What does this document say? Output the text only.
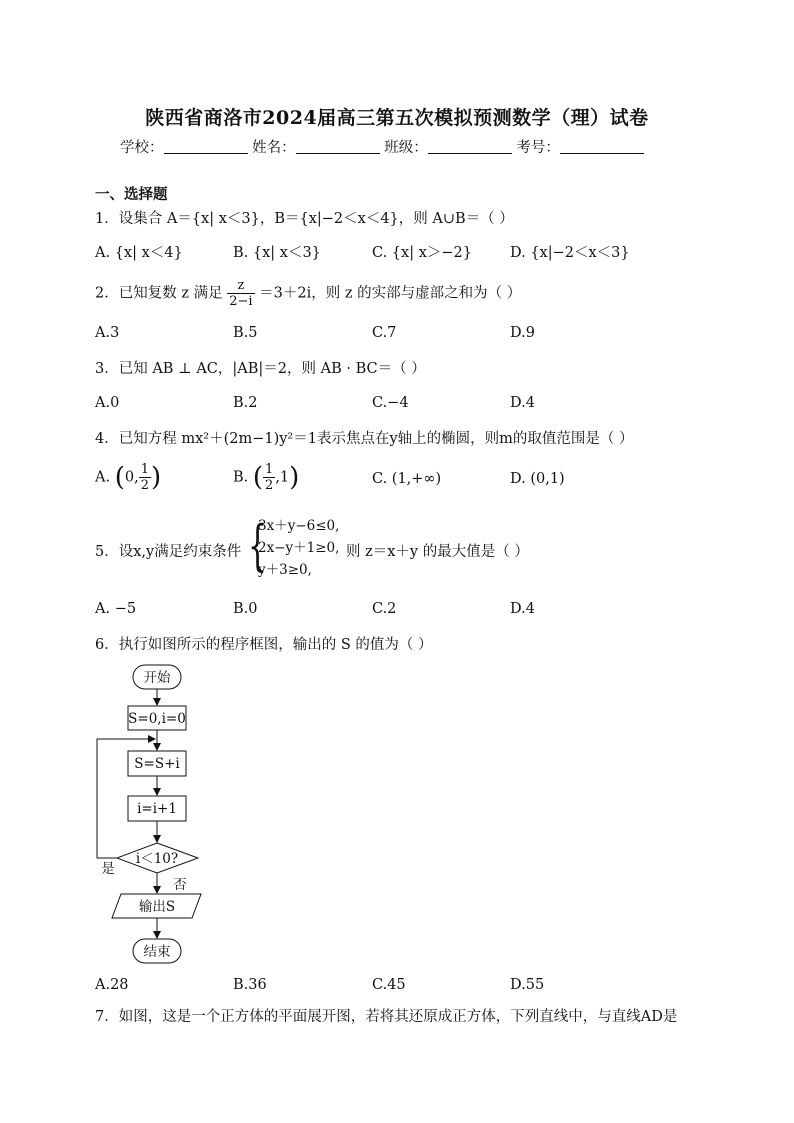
陕西省商洛市2024届高三第五次模拟预测数学（理）试卷
学校：	姓名：	班级：	考号：
一、选择题
1．设集合 A＝{x| x＜3}，B＝{x|−2＜x＜4}，则 A∪B＝（ ）
A. {x| x＜4}	B. {x| x＜3}	C. {x| x＞−2}	D. {x|−2＜x＜3}
2．已知复数 z 满足 $\frac{z}{2-i} =3+2i$，则 z 的实部与虚部之和为（ ）
A.3	B.5	C.7	D.9
3．已知 AB ⊥ AC，|AB|＝2，则 AB · BC＝（ ）
A.0	B.2	C.−4	D.4
4．已知方程 mx²＋(2m−1)y²＝1表示焦点在y轴上的椭圆，则m的取值范围是（ ）
A. (0, $\frac{1}{2}$ )	B. ( $\frac{1}{2} ,1$)	C. (1,+∞)	D. (0,1)
5．设x,y满足约束条件 {
3x＋y−6≤0,
2x−y＋1≥0,
y＋3≥0,
则 z＝x＋y 的最大值是（ ）
A. −5	B.0	C.2	D.4
6．执行如图所示的程序框图，输出的 S 的值为（ ）
开始
S=0,i=0
S=S+i
i=i+1
i＜10?
是
否
输出S
结束
A.28	B.36	C.45	D.55
7．如图，这是一个正方体的平面展开图，若将其还原成正方体，下列直线中，与直线AD是
